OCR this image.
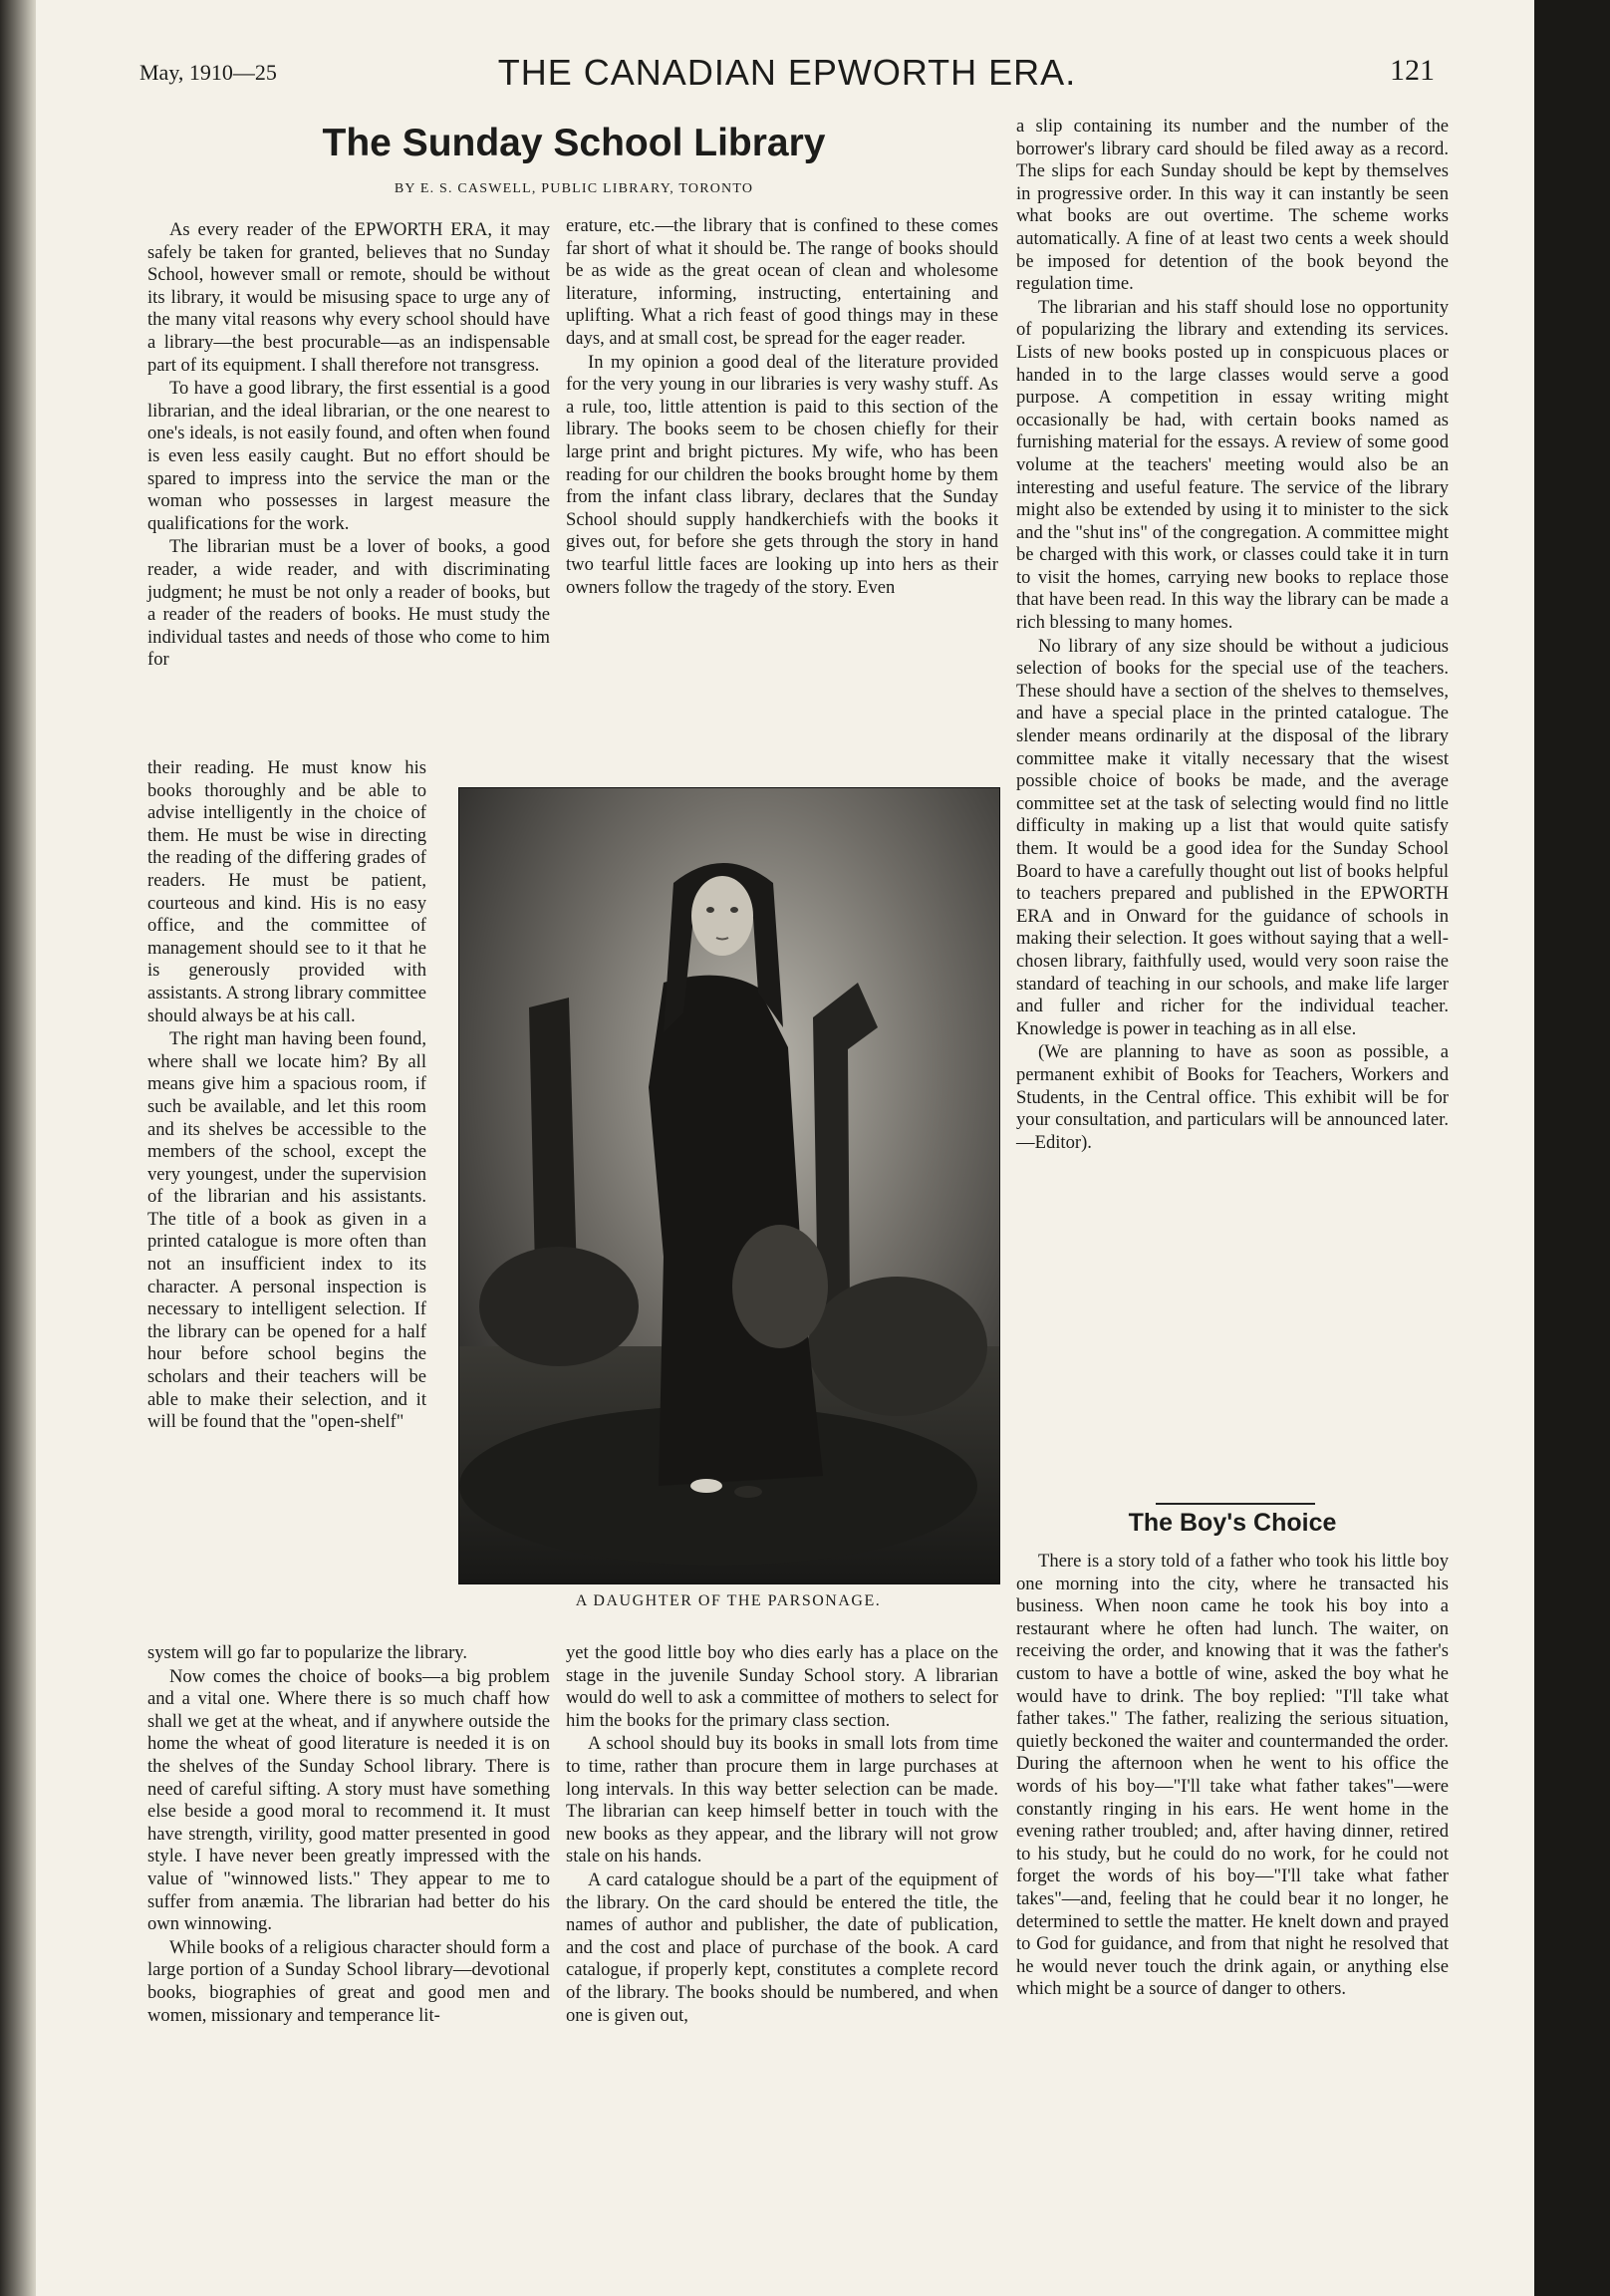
May, 1910—25	THE CANADIAN EPWORTH ERA.	121
The Sunday School Library
BY E. S. CASWELL, PUBLIC LIBRARY, TORONTO

As every reader of the EPWORTH ERA, it may safely be taken for granted, believes that no Sunday School, however small or remote, should be without its library, it would be misusing space to urge any of the many vital reasons why every school should have a library—the best procurable—as an indispensable part of its equipment. I shall therefore not transgress.

To have a good library, the first essential is a good librarian, and the ideal librarian, or the one nearest to one's ideals, is not easily found, and often when found is even less easily caught. But no effort should be spared to impress into the service the man or the woman who possesses in largest measure the qualifications for the work.

The librarian must be a lover of books, a good reader, a wide reader, and with discriminating judgment; he must be not only a reader of books, but a reader of the readers of books. He must study the individual tastes and needs of those who come to him for

their reading. He must know his books thoroughly and be able to advise intelligently in the choice of them. He must be wise in directing the reading of the differing grades of readers. He must be patient, courteous and kind. His is no easy office, and the committee of management should see to it that he is generously provided with assistants. A strong library committee should always be at his call.

The right man having been found, where shall we locate him? By all means give him a spacious room, if such be available, and let this room and its shelves be accessible to the members of the school, except the very youngest, under the supervision of the librarian and his assistants. The title of a book as given in a printed catalogue is more often than not an insufficient index to its character. A personal inspection is necessary to intelligent selection. If the library can be opened for a half hour before school begins the scholars and their teachers will be able to make their selection, and it will be found that the "open-shelf"

system will go far to popularize the library.

Now comes the choice of books—a big problem and a vital one. Where there is so much chaff how shall we get at the wheat, and if anywhere outside the home the wheat of good literature is needed it is on the shelves of the Sunday School library. There is need of careful sifting. A story must have something else beside a good moral to recommend it. It must have strength, virility, good matter presented in good style. I have never been greatly impressed with the value of "winnowed lists." They appear to me to suffer from anæmia. The librarian had better do his own winnowing.

While books of a religious character should form a large portion of a Sunday School library—devotional books, biographies of great and good men and women, missionary and temperance lit-

erature, etc.—the library that is confined to these comes far short of what it should be. The range of books should be as wide as the great ocean of clean and wholesome literature, informing, instructing, entertaining and uplifting. What a rich feast of good things may in these days, and at small cost, be spread for the eager reader.

In my opinion a good deal of the literature provided for the very young in our libraries is very washy stuff. As a rule, too, little attention is paid to this section of the library. The books seem to be chosen chiefly for their large print and bright pictures. My wife, who has been reading for our children the books brought home by them from the infant class library, declares that the Sunday School should supply handkerchiefs with the books it gives out, for before she gets through the story in hand two tearful little faces are looking up into hers as their owners follow the tragedy of the story. Even

A DAUGHTER OF THE PARSONAGE.

yet the good little boy who dies early has a place on the stage in the juvenile Sunday School story. A librarian would do well to ask a committee of mothers to select for him the books for the primary class section.

A school should buy its books in small lots from time to time, rather than procure them in large purchases at long intervals. In this way better selection can be made. The librarian can keep himself better in touch with the new books as they appear, and the library will not grow stale on his hands.

A card catalogue should be a part of the equipment of the library. On the card should be entered the title, the names of author and publisher, the date of publication, and the cost and place of purchase of the book. A card catalogue, if properly kept, constitutes a complete record of the library. The books should be numbered, and when one is given out,

a slip containing its number and the number of the borrower's library card should be filed away as a record. The slips for each Sunday should be kept by themselves in progressive order. In this way it can instantly be seen what books are out overtime. The scheme works automatically. A fine of at least two cents a week should be imposed for detention of the book beyond the regulation time.

The librarian and his staff should lose no opportunity of popularizing the library and extending its services. Lists of new books posted up in conspicuous places or handed in to the large classes would serve a good purpose. A competition in essay writing might occasionally be had, with certain books named as furnishing material for the essays. A review of some good volume at the teachers' meeting would also be an interesting and useful feature. The service of the library might also be extended by using it to minister to the sick and the "shut ins" of the congregation. A committee might be charged with this work, or classes could take it in turn to visit the homes, carrying new books to replace those that have been read. In this way the library can be made a rich blessing to many homes.

No library of any size should be without a judicious selection of books for the special use of the teachers. These should have a section of the shelves to themselves, and have a special place in the printed catalogue. The slender means ordinarily at the disposal of the library committee make it vitally necessary that the wisest possible choice of books be made, and the average committee set at the task of selecting would find no little difficulty in making up a list that would quite satisfy them. It would be a good idea for the Sunday School Board to have a carefully thought out list of books helpful to teachers prepared and published in the EPWORTH ERA and in Onward for the guidance of schools in making their selection. It goes without saying that a well-chosen library, faithfully used, would very soon raise the standard of teaching in our schools, and make life larger and fuller and richer for the individual teacher. Knowledge is power in teaching as in all else.

(We are planning to have as soon as possible, a permanent exhibit of Books for Teachers, Workers and Students, in the Central office. This exhibit will be for your consultation, and particulars will be announced later.—Editor).

The Boy's Choice

There is a story told of a father who took his little boy one morning into the city, where he transacted his business. When noon came he took his boy into a restaurant where he often had lunch. The waiter, on receiving the order, and knowing that it was the father's custom to have a bottle of wine, asked the boy what he would have to drink. The boy replied: "I'll take what father takes." The father, realizing the serious situation, quietly beckoned the waiter and countermanded the order. During the afternoon when he went to his office the words of his boy—"I'll take what father takes"—were constantly ringing in his ears. He went home in the evening rather troubled; and, after having dinner, retired to his study, but he could do no work, for he could not forget the words of his boy—"I'll take what father takes"—and, feeling that he could bear it no longer, he determined to settle the matter. He knelt down and prayed to God for guidance, and from that night he resolved that he would never touch the drink again, or anything else which might be a source of danger to others.
